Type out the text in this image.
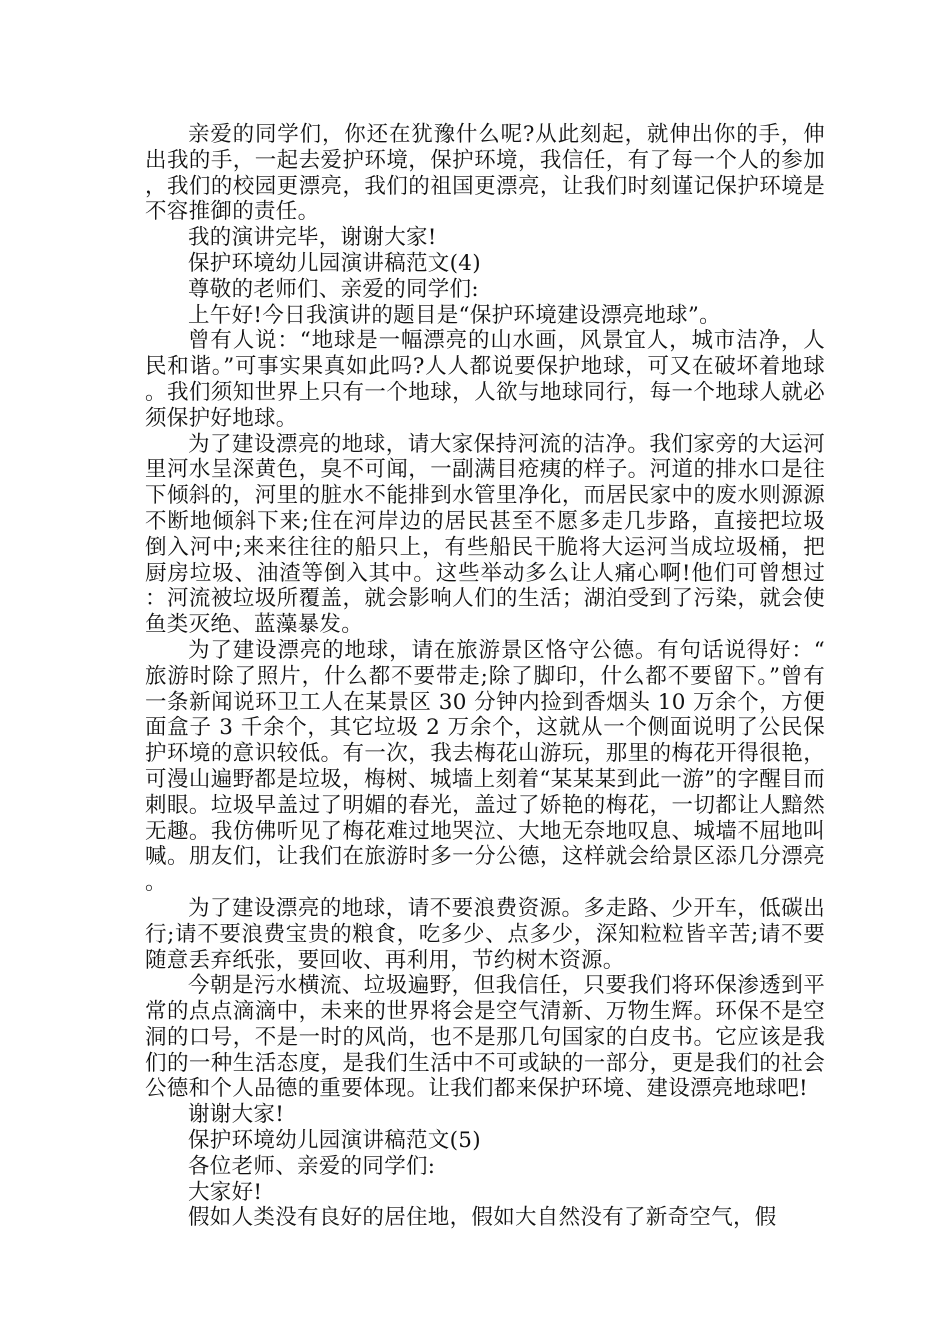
亲爱的同学们，你还在犹豫什么呢?从此刻起，就伸出你的手，伸出我的手，一起去爱护环境，保护环境，我信任，有了每一个人的参加，我们的校园更漂亮，我们的祖国更漂亮，让我们时刻谨记保护环境是不容推御的责任。

我的演讲完毕，谢谢大家!

保护环境幼儿园演讲稿范文(4)

尊敬的老师们、亲爱的同学们:

上午好!今日我演讲的题目是“保护环境建设漂亮地球”。

曾有人说：“地球是一幅漂亮的山水画，风景宜人，城市洁净，人民和谐。”可事实果真如此吗?人人都说要保护地球，可又在破坏着地球。我们须知世界上只有一个地球，人欲与地球同行，每一个地球人就必须保护好地球。

为了建设漂亮的地球，请大家保持河流的洁净。我们家旁的大运河里河水呈深黄色，臭不可闻，一副满目疮痍的样子。河道的排水口是往下倾斜的，河里的脏水不能排到水管里净化，而居民家中的废水则源源不断地倾斜下来;住在河岸边的居民甚至不愿多走几步路，直接把垃圾倒入河中;来来往往的船只上，有些船民干脆将大运河当成垃圾桶，把厨房垃圾、油渣等倒入其中。这些举动多么让人痛心啊!他们可曾想过：河流被垃圾所覆盖，就会影响人们的生活；湖泊受到了污染，就会使鱼类灭绝、蓝藻暴发。

为了建设漂亮的地球，请在旅游景区恪守公德。有句话说得好：“旅游时除了照片，什么都不要带走;除了脚印，什么都不要留下。”曾有一条新闻说环卫工人在某景区 30 分钟内捡到香烟头 10 万余个，方便面盒子 3 千余个，其它垃圾 2 万余个，这就从一个侧面说明了公民保护环境的意识较低。有一次，我去梅花山游玩，那里的梅花开得很艳，可漫山遍野都是垃圾，梅树、城墙上刻着“某某某到此一游”的字醒目而刺眼。垃圾早盖过了明媚的春光，盖过了娇艳的梅花，一切都让人黯然无趣。我仿佛听见了梅花难过地哭泣、大地无奈地叹息、城墙不屈地叫喊。朋友们，让我们在旅游时多一分公德，这样就会给景区添几分漂亮。

为了建设漂亮的地球，请不要浪费资源。多走路、少开车，低碳出行;请不要浪费宝贵的粮食，吃多少、点多少，深知粒粒皆辛苦;请不要随意丢弃纸张，要回收、再利用，节约树木资源。

今朝是污水横流、垃圾遍野，但我信任，只要我们将环保渗透到平常的点点滴滴中，未来的世界将会是空气清新、万物生辉。环保不是空洞的口号，不是一时的风尚，也不是那几句国家的白皮书。它应该是我们的一种生活态度，是我们生活中不可或缺的一部分，更是我们的社会公德和个人品德的重要体现。让我们都来保护环境、建设漂亮地球吧!

谢谢大家!

保护环境幼儿园演讲稿范文(5)

各位老师、亲爱的同学们:

大家好!

假如人类没有良好的居住地，假如大自然没有了新奇空气，假
